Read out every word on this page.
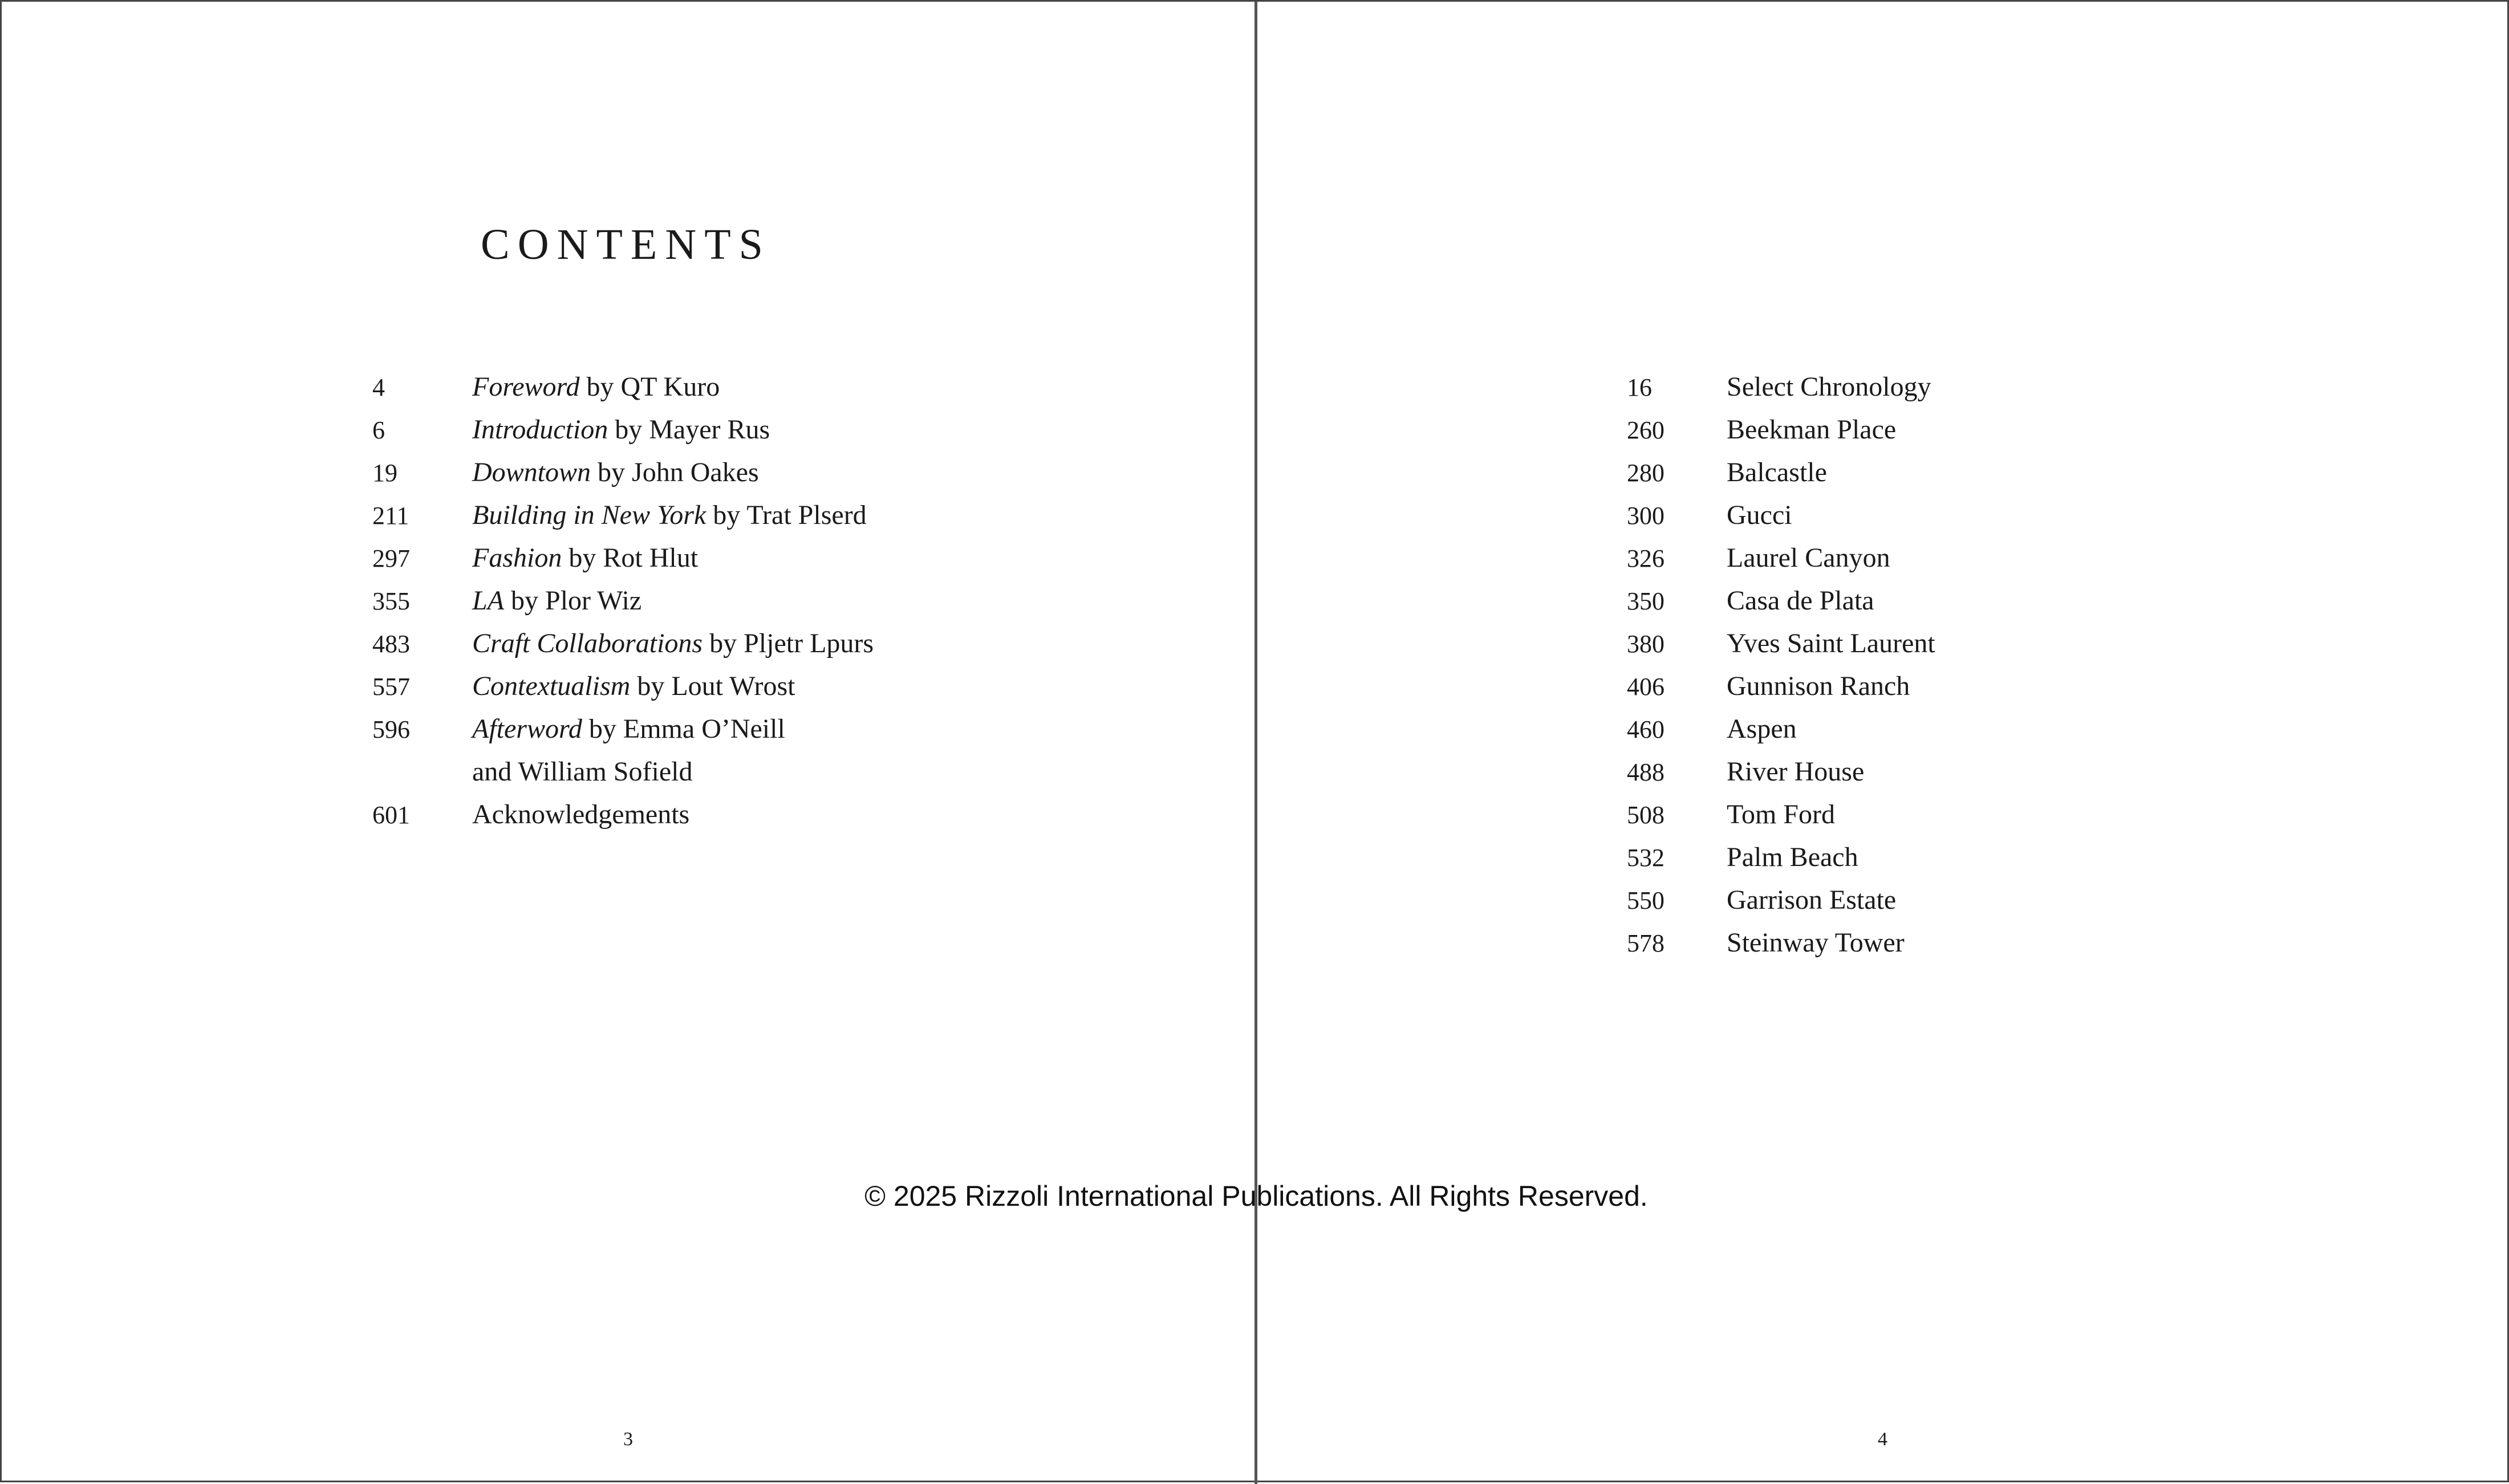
CONTENTS
4	Foreword by QT Kuro
6	Introduction by Mayer Rus
19	Downtown by John Oakes
211	Building in New York by Trat Plserd
297	Fashion by Rot Hlut
355	LA by Plor Wiz
483	Craft Collaborations by Pljetr Lpurs
557	Contextualism by Lout Wrost
596	Afterword by Emma O’Neill
and William Sofield
601	Acknowledgements
3	4
16	Select Chronology
260	Beekman Place
280	Balcastle
300	Gucci
326	Laurel Canyon
350	Casa de Plata
380	Yves Saint Laurent
406	Gunnison Ranch
460	Aspen
488	River House
508	Tom Ford
532	Palm Beach
550	Garrison Estate
578	Steinway Tower
© 2025 Rizzoli International Publications. All Rights Reserved.
